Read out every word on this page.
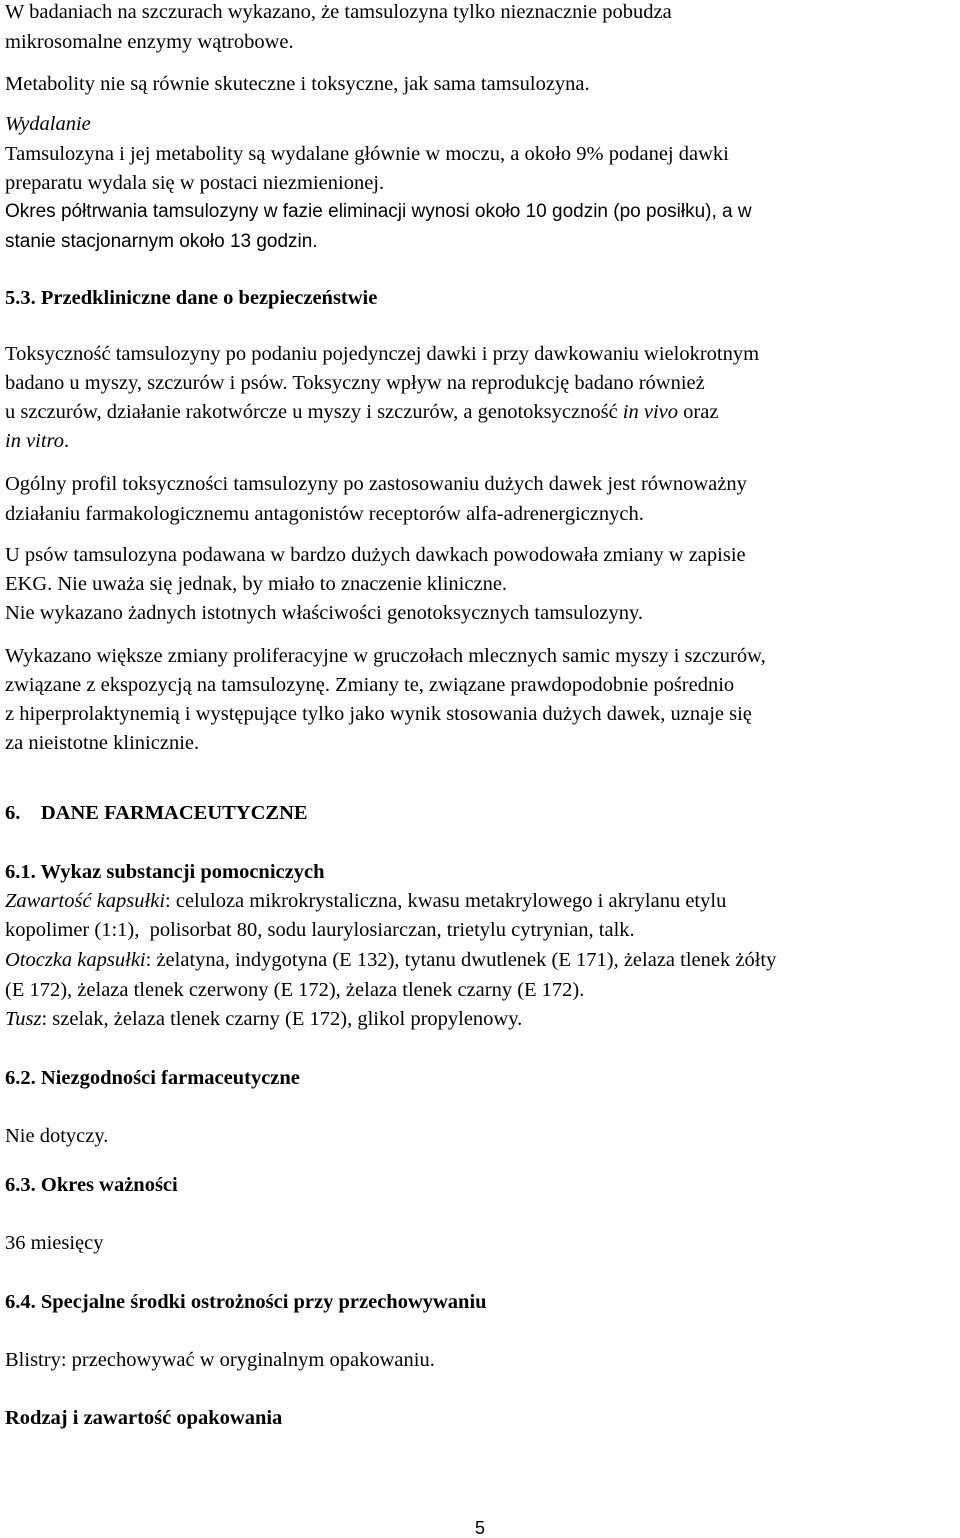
W badaniach na szczurach wykazano, że tamsulozyna tylko nieznacznie pobudza

mikrosomalne enzymy wątrobowe.

Metabolity nie są równie skuteczne i toksyczne, jak sama tamsulozyna.

Wydalanie

Tamsulozyna i jej metabolity są wydalane głównie w moczu, a około 9% podanej dawki

preparatu wydala się w postaci niezmienionej.

Okres półtrwania tamsulozyny w fazie eliminacji wynosi około 10 godzin (po posiłku), a w

stanie stacjonarnym około 13 godzin.

5.3. Przedkliniczne dane o bezpieczeństwie

Toksyczność tamsulozyny po podaniu pojedynczej dawki i przy dawkowaniu wielokrotnym

badano u myszy, szczurów i psów. Toksyczny wpływ na reprodukcję badano również

u szczurów, działanie rakotwórcze u myszy i szczurów, a genotoksyczność in vivo oraz

in vitro.

Ogólny profil toksyczności tamsulozyny po zastosowaniu dużych dawek jest równoważny

działaniu farmakologicznemu antagonistów receptorów alfa-adrenergicznych.

U psów tamsulozyna podawana w bardzo dużych dawkach powodowała zmiany w zapisie

EKG. Nie uważa się jednak, by miało to znaczenie kliniczne.

Nie wykazano żadnych istotnych właściwości genotoksycznych tamsulozyny.

Wykazano większe zmiany proliferacyjne w gruczołach mlecznych samic myszy i szczurów,

związane z ekspozycją na tamsulozynę. Zmiany te, związane prawdopodobnie pośrednio

z hiperprolaktynemią i występujące tylko jako wynik stosowania dużych dawek, uznaje się

za nieistotne klinicznie.

6.    DANE FARMACEUTYCZNE

6.1. Wykaz substancji pomocniczych

Zawartość kapsułki: celuloza mikrokrystaliczna, kwasu metakrylowego i akrylanu etylu

kopolimer (1:1),  polisorbat 80, sodu laurylosiarczan, trietylu cytrynian, talk.

Otoczka kapsułki: żelatyna, indygotyna (E 132), tytanu dwutlenek (E 171), żelaza tlenek żółty

(E 172), żelaza tlenek czerwony (E 172), żelaza tlenek czarny (E 172).

Tusz: szelak, żelaza tlenek czarny (E 172), glikol propylenowy.

6.2. Niezgodności farmaceutyczne

Nie dotyczy.

6.3. Okres ważności

36 miesięcy

6.4. Specjalne środki ostrożności przy przechowywaniu

Blistry: przechowywać w oryginalnym opakowaniu.

Rodzaj i zawartość opakowania

5
